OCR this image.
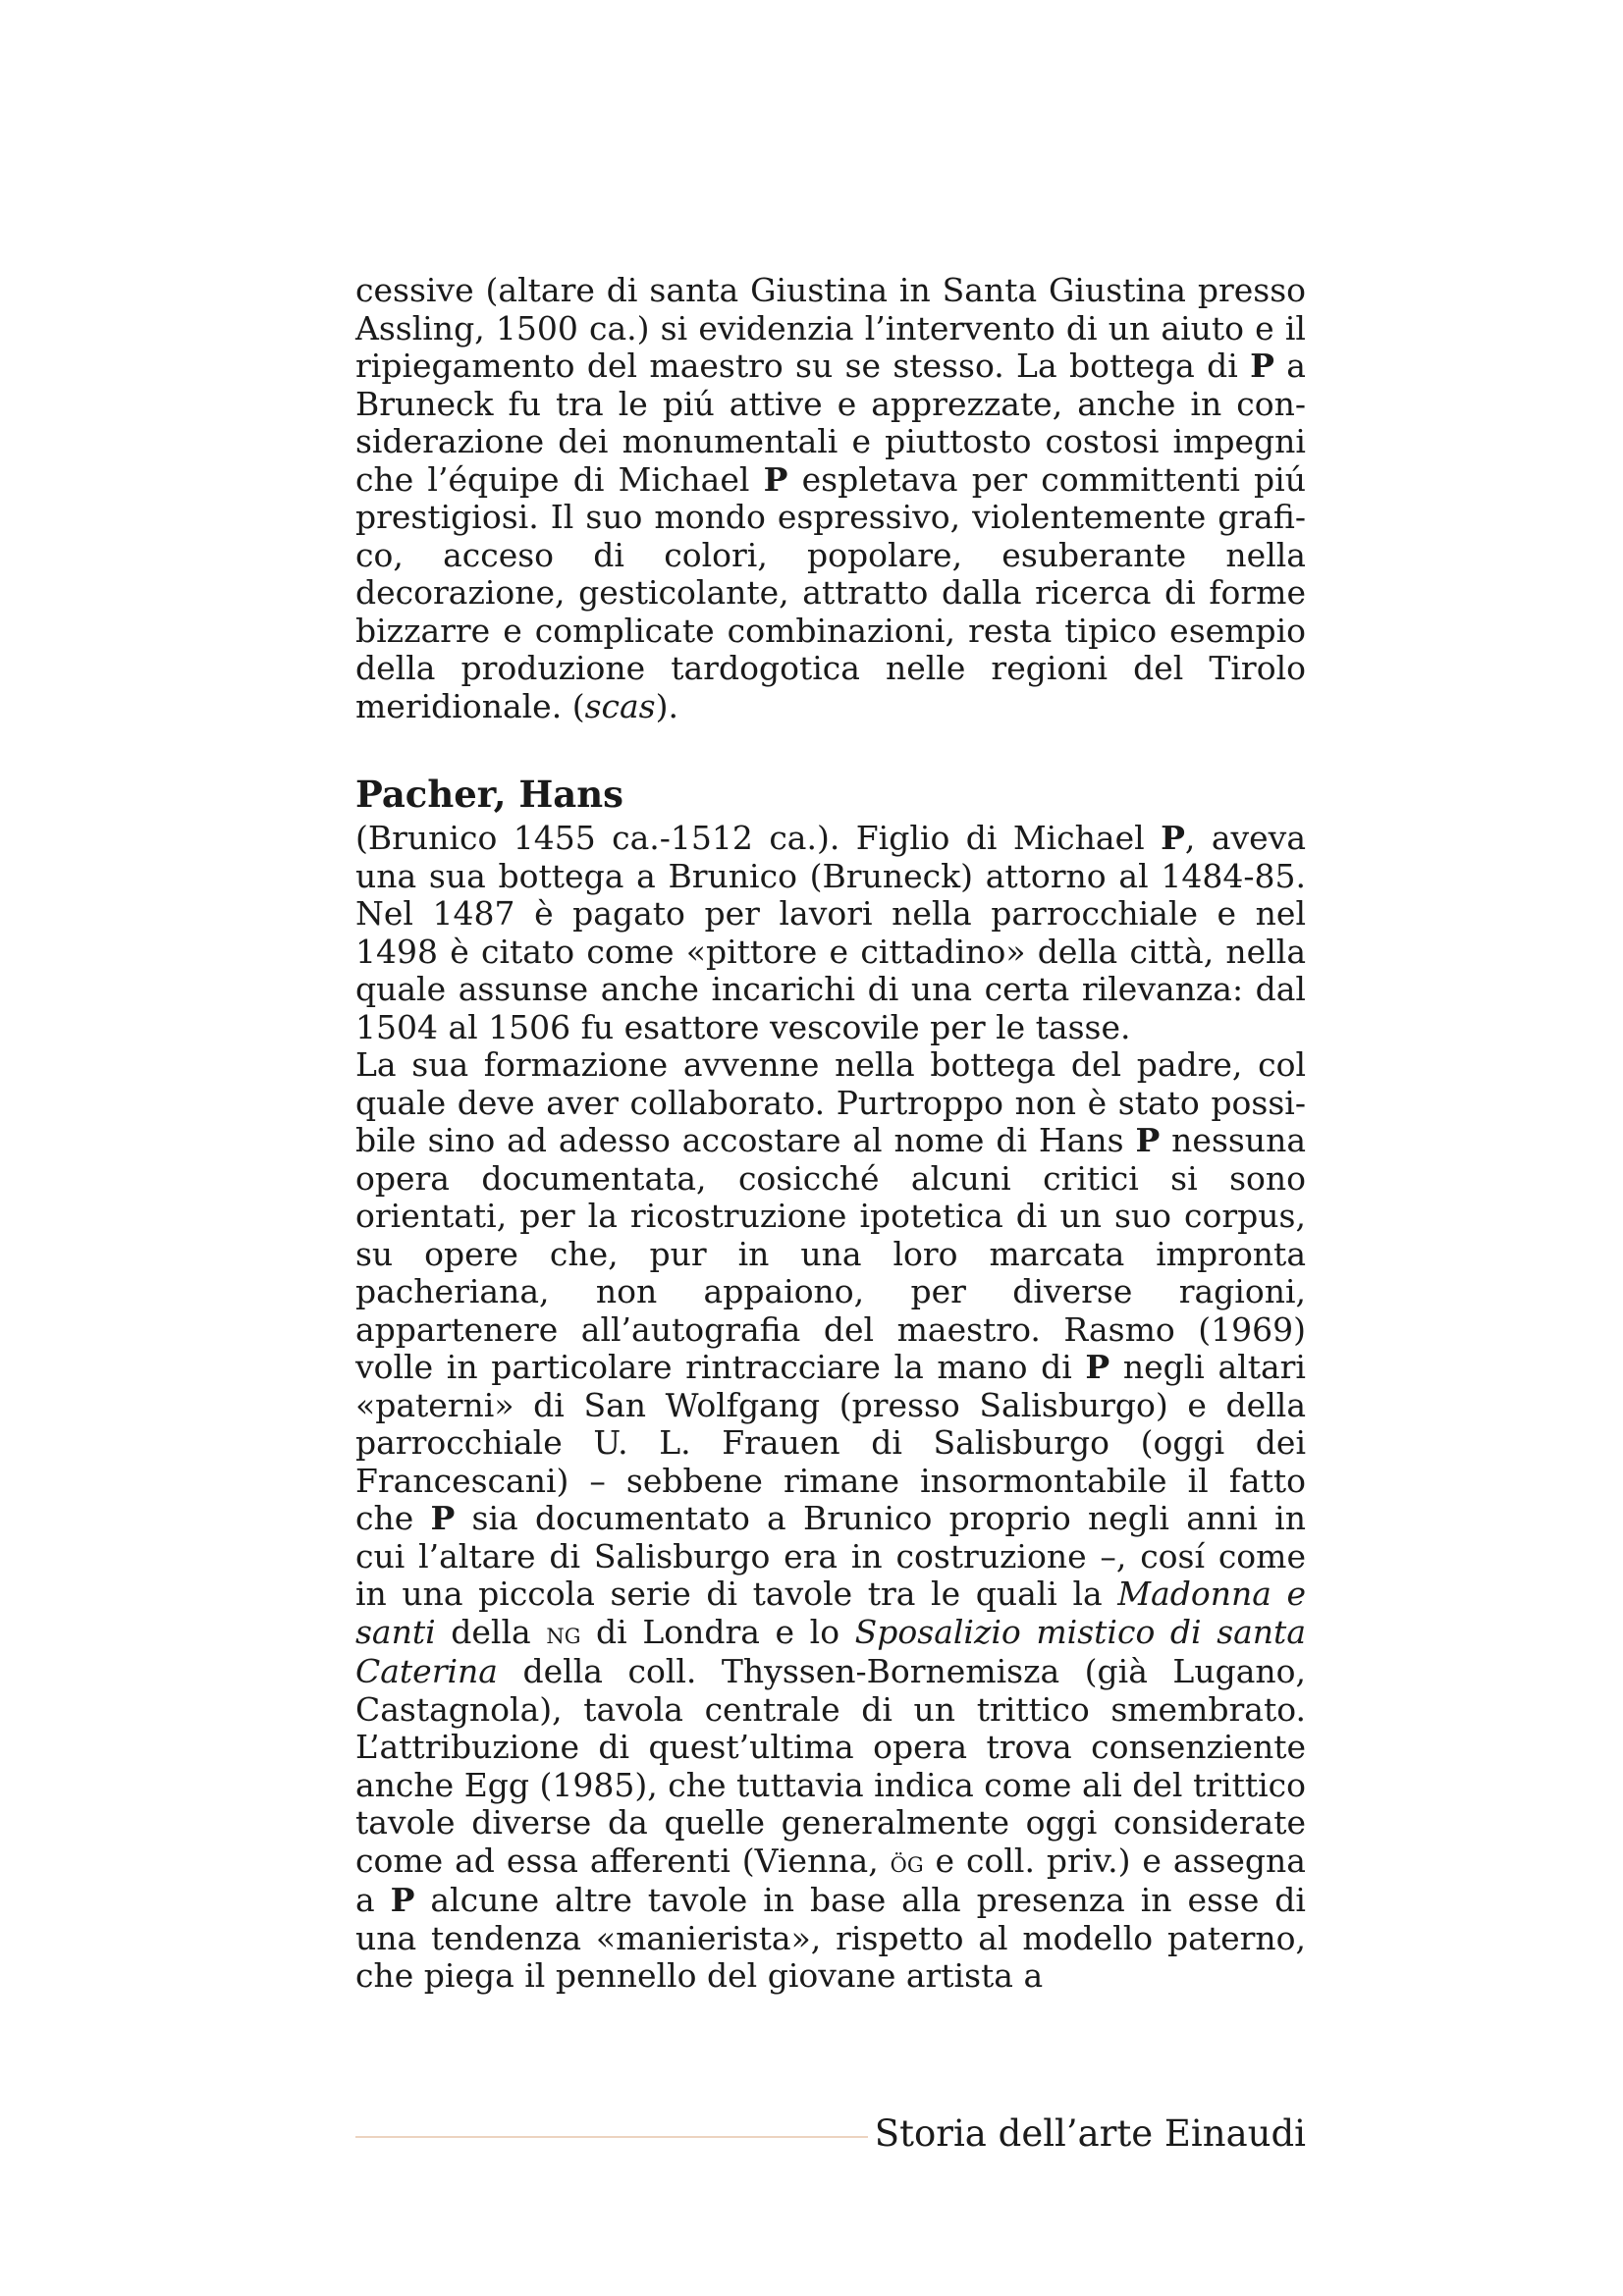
cessive (altare di santa Giustina in Santa Giustina presso Assling, 1500 ca.) si evidenzia l’intervento di un aiuto e il ripiegamento del maestro su se stesso. La bottega di P a Bruneck fu tra le piú attive e apprezzate, anche in considerazione dei monumentali e piuttosto costosi impegni che l’équipe di Michael P espletava per committenti piú prestigiosi. Il suo mondo espressivo, violentemente grafico, acceso di colori, popolare, esuberante nella decorazione, gesticolante, attratto dalla ricerca di forme bizzarre e complicate combinazioni, resta tipico esempio della produzione tardogotica nelle regioni del Tirolo meridionale. (scas).

Pacher, Hans

(Brunico 1455 ca.-1512 ca.). Figlio di Michael P, aveva una sua bottega a Brunico (Bruneck) attorno al 1484-85. Nel 1487 è pagato per lavori nella parrocchiale e nel 1498 è citato come «pittore e cittadino» della città, nella quale assunse anche incarichi di una certa rilevanza: dal 1504 al 1506 fu esattore vescovile per le tasse.

La sua formazione avvenne nella bottega del padre, col quale deve aver collaborato. Purtroppo non è stato possibile sino ad adesso accostare al nome di Hans P nessuna opera documentata, cosicché alcuni critici si sono orientati, per la ricostruzione ipotetica di un suo corpus, su opere che, pur in una loro marcata impronta pacheriana, non appaiono, per diverse ragioni, appartenere all’autografia del maestro. Rasmo (1969) volle in particolare rintracciare la mano di P negli altari «paterni» di San Wolfgang (presso Salisburgo) e della parrocchiale U. L. Frauen di Salisburgo (oggi dei Francescani) – sebbene rimane insormontabile il fatto che P sia documentato a Brunico proprio negli anni in cui l’altare di Salisburgo era in costruzione –, cosí come in una piccola serie di tavole tra le quali la Madonna e santi della ng di Londra e lo Sposalizio mistico di santa Caterina della coll. Thyssen-Bornemisza (già Lugano, Castagnola), tavola centrale di un trittico smembrato. L’attribuzione di quest’ultima opera trova consenziente anche Egg (1985), che tuttavia indica come ali del trittico tavole diverse da quelle generalmente oggi considerate come ad essa afferenti (Vienna, ög e coll. priv.) e assegna a P alcune altre tavole in base alla presenza in esse di una tendenza «manierista», rispetto al modello paterno, che piega il pennello del giovane artista a

Storia dell’arte Einaudi
